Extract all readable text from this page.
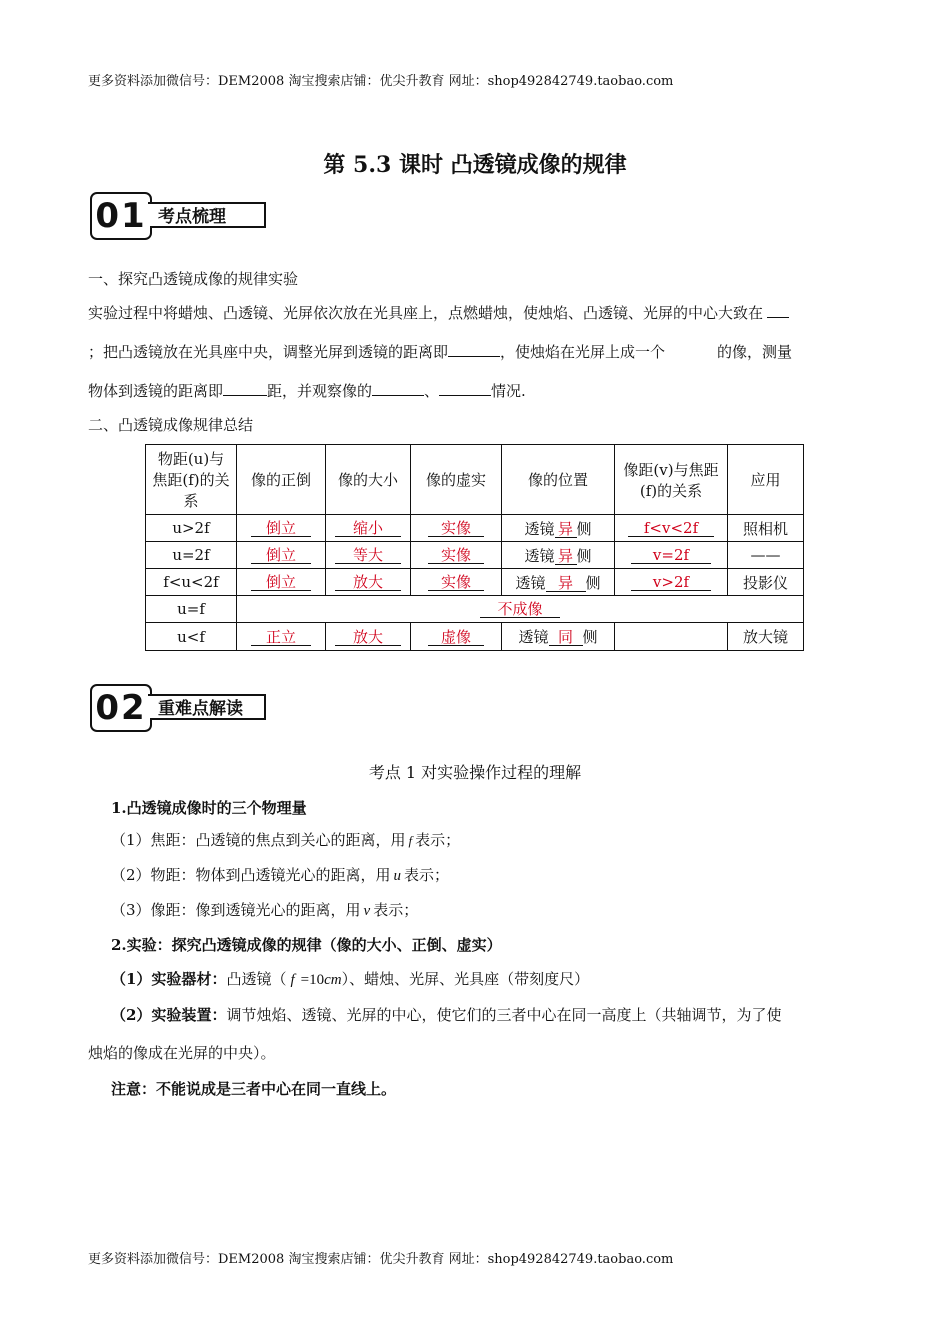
更多资料添加微信号：DEM2008 淘宝搜索店铺：优尖升教育 网址：shop492842749.taobao.com
第 5.3 课时 凸透镜成像的规律
01 考点梳理
一、探究凸透镜成像的规律实验
实验过程中将蜡烛、凸透镜、光屏依次放在光具座上，点燃蜡烛，使烛焰、凸透镜、光屏的中心大致在
；把凸透镜放在光具座中央，调整光屏到透镜的距离即	，使烛焰在光屏上成一个	的像，测量
物体到透镜的距离即	距，并观察像的	、	情况.
二、凸透镜成像规律总结
物距(u)与焦距(f)的关系	像的正倒	像的大小	像的虚实	像的位置	像距(v)与焦距(f)的关系	应用
u>2f	倒立	缩小	实像	透镜 异 侧	f<v<2f	照相机
u=2f	倒立	等大	实像	透镜 异 侧	v=2f	——
f<u<2f	倒立	放大	实像	透镜 异 侧	v>2f	投影仪
u=f	不成像					
u<f	正立	放大	虚像	透镜 同 侧		放大镜
02 重难点解读
考点 1 对实验操作过程的理解
1.凸透镜成像时的三个物理量
（1）焦距：凸透镜的焦点到关心的距离，用 f 表示；
（2）物距：物体到凸透镜光心的距离，用 u 表示；
（3）像距：像到透镜光心的距离，用 v 表示；
2.实验：探究凸透镜成像的规律（像的大小、正倒、虚实）
（1）实验器材：凸透镜（ f =10cm）、蜡烛、光屏、光具座（带刻度尺）
（2）实验装置：调节烛焰、透镜、光屏的中心，使它们的三者中心在同一高度上（共轴调节，为了使
烛焰的像成在光屏的中央）。
注意：不能说成是三者中心在同一直线上。
更多资料添加微信号：DEM2008 淘宝搜索店铺：优尖升教育 网址：shop492842749.taobao.com
